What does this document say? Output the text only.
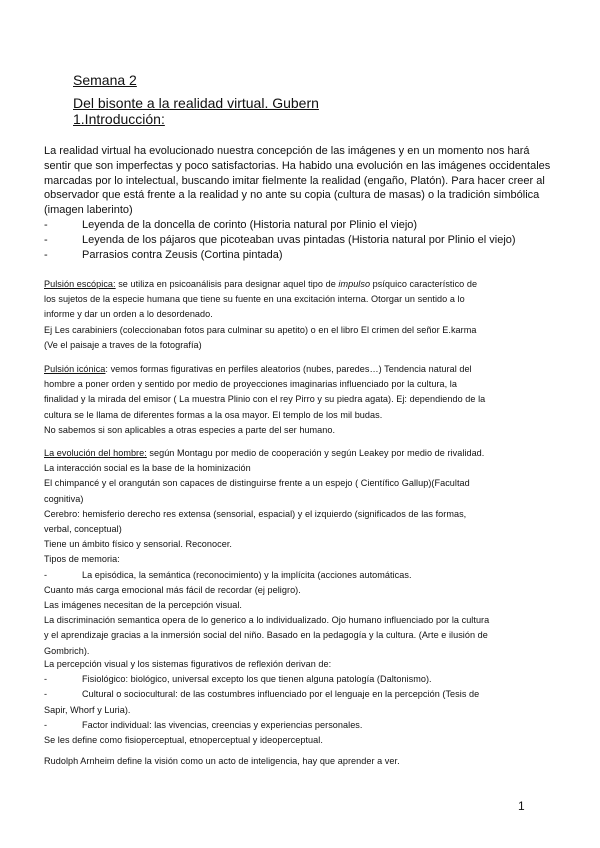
Semana 2
Del bisonte a la realidad virtual. Gubern
1.Introducción:
La realidad virtual ha evolucionado nuestra concepción de las imágenes y en un momento nos hará
sentir que son imperfectas y poco satisfactorias. Ha habido una evolución en las imágenes occidentales
marcadas por lo intelectual, buscando imitar fielmente la realidad (engaño, Platón). Para hacer creer al
observador que está frente a la realidad y no ante su copia (cultura de masas) o la tradición simbólica
(imagen laberinto)
-	Leyenda de la doncella de corinto (Historia natural por Plinio el viejo)
-	Leyenda de los pájaros que picoteaban uvas pintadas (Historia natural por Plinio el viejo)
-	Parrasios contra Zeusis (Cortina pintada)
Pulsión escópica: se utiliza en psicoanálisis para designar aquel tipo de impulso psíquico característico de
los sujetos de la especie humana que tiene su fuente en una excitación interna. Otorgar un sentido a lo
informe y dar un orden a lo desordenado.
Ej Les carabiniers (coleccionaban fotos para culminar su apetito) o en el libro El crimen del señor E.karma
(Ve el paisaje a traves de la fotografía)
Pulsión icónica: vemos formas figurativas en perfiles aleatorios (nubes, paredes…) Tendencia natural del
hombre a poner orden y sentido por medio de proyecciones imaginarias influenciado por la cultura, la
finalidad y la mirada del emisor ( La muestra Plinio con el rey Pirro y su piedra agata). Ej: dependiendo de la
cultura se le llama de diferentes formas a la osa mayor. El templo de los mil budas.
No sabemos si son aplicables a otras especies a parte del ser humano.
La evolución del hombre: según Montagu por medio de cooperación y según Leakey por medio de rivalidad.
La interacción social es la base de la hominización
El chimpancé y el orangután son capaces de distinguirse frente a un espejo ( Científico Gallup)(Facultad
cognitiva)
Cerebro: hemisferio derecho res extensa (sensorial, espacial) y el izquierdo (significados de las formas,
verbal, conceptual)
Tiene un ámbito físico y sensorial. Reconocer.
Tipos de memoria:
-	La episódica, la semántica (reconocimiento) y la implícita (acciones automáticas.
Cuanto más carga emocional más fácil de recordar (ej peligro).
Las imágenes necesitan de la percepción visual.
La discriminación semantica opera de lo generico a lo individualizado. Ojo humano influenciado por la cultura
y el aprendizaje gracias a la inmersión social del niño. Basado en la pedagogía y la cultura. (Arte e ilusión de
Gombrich).
La percepción visual y los sistemas figurativos de reflexión derivan de:
-	Fisiológico: biológico, universal excepto los que tienen alguna patología (Daltonismo).
-	Cultural o sociocultural: de las costumbres influenciado por el lenguaje en la percepción (Tesis de
Sapir, Whorf y Luria).
-	Factor individual: las vivencias, creencias y experiencias personales.
Se les define como fisioperceptual, etnoperceptual y ideoperceptual.
Rudolph Arnheim define la visión como un acto de inteligencia, hay que aprender a ver.
1
